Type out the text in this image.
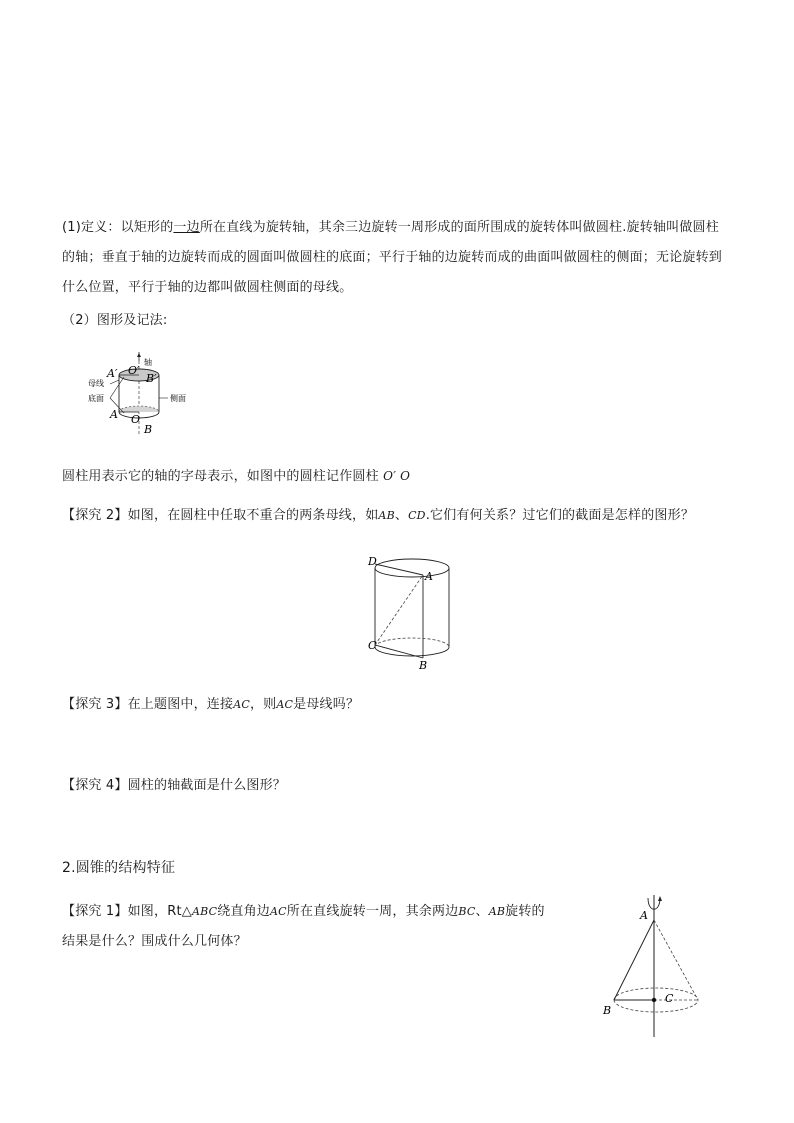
(1)定义：以矩形的一边所在直线为旋转轴，其余三边旋转一周形成的面所围成的旋转体叫做圆柱.旋转轴叫做圆柱的轴；垂直于轴的边旋转而成的圆面叫做圆柱的底面；平行于轴的边旋转而成的曲面叫做圆柱的侧面；无论旋转到什么位置，平行于轴的边都叫做圆柱侧面的母线。
（2）图形及记法:
轴
母线
底面	侧面
A′ O′
B′
A O
B
圆柱用表示它的轴的字母表示，如图中的圆柱记作圆柱 O′ O
【探究 2】如图，在圆柱中任取不重合的两条母线，如AB、CD.它们有何关系？过它们的截面是怎样的图形？
D
A
C
B
【探究 3】在上题图中，连接AC，则AC是母线吗？
【探究 4】圆柱的轴截面是什么图形？
2.圆锥的结构特征
【探究 1】如图，Rt△ABC绕直角边AC所在直线旋转一周，其余两边BC、AB旋转的
结果是什么？围成什么几何体？
A
B
C
